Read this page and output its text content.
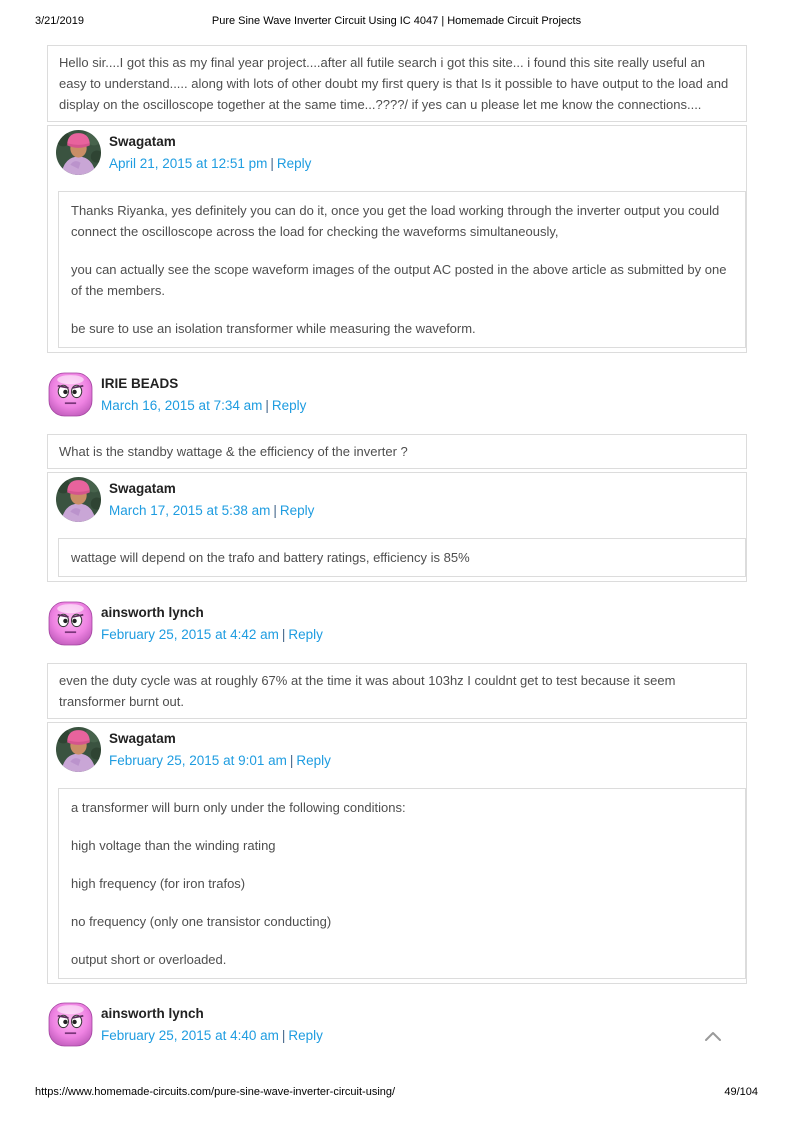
3/21/2019	Pure Sine Wave Inverter Circuit Using IC 4047 | Homemade Circuit Projects

Hello sir....I got this as my final year project....after all futile search i got this site... i found this site really useful an easy to understand..... along with lots of other doubt my first query is that Is it possible to have output to the load and display on the oscilloscope together at the same time...????/ if yes can u please let me know the connections....

Swagatam
April 21, 2015 at 12:51 pm | Reply

Thanks Riyanka, yes definitely you can do it, once you get the load working through the inverter output you could connect the oscilloscope across the load for checking the waveforms simultaneously,

you can actually see the scope waveform images of the output AC posted in the above article as submitted by one of the members.

be sure to use an isolation transformer while measuring the waveform.

IRIE BEADS
March 16, 2015 at 7:34 am | Reply

What is the standby wattage & the efficiency of the inverter ?

Swagatam
March 17, 2015 at 5:38 am | Reply

wattage will depend on the trafo and battery ratings, efficiency is 85%

ainsworth lynch
February 25, 2015 at 4:42 am | Reply

even the duty cycle was at roughly 67% at the time it was about 103hz I couldnt get to test because it seem transformer burnt out.

Swagatam
February 25, 2015 at 9:01 am | Reply

a transformer will burn only under the following conditions:

high voltage than the winding rating

high frequency (for iron trafos)

no frequency (only one transistor conducting)

output short or overloaded.

ainsworth lynch
February 25, 2015 at 4:40 am | Reply
https://www.homemade-circuits.com/pure-sine-wave-inverter-circuit-using/	49/104
